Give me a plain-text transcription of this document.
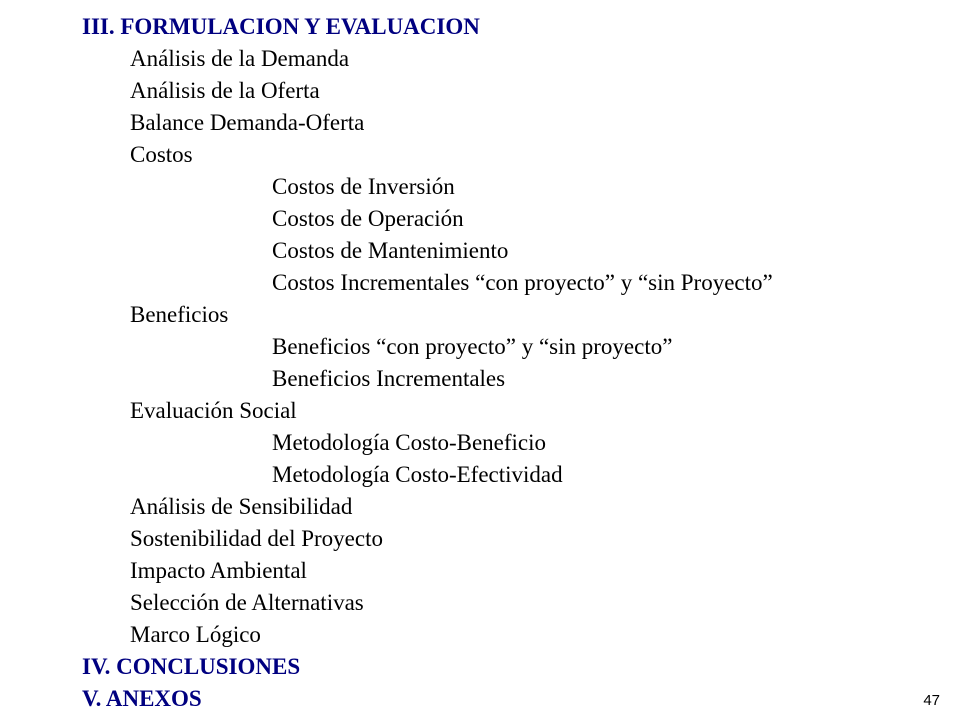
III. FORMULACION Y EVALUACION
Análisis de la Demanda
Análisis de la Oferta
Balance Demanda-Oferta
Costos
Costos de Inversión
Costos de Operación
Costos de Mantenimiento
Costos Incrementales “con proyecto” y “sin Proyecto”
Beneficios
Beneficios “con proyecto” y “sin proyecto”
Beneficios Incrementales
Evaluación Social
Metodología Costo-Beneficio
Metodología Costo-Efectividad
Análisis de Sensibilidad
Sostenibilidad del Proyecto
Impacto Ambiental
Selección de Alternativas
Marco Lógico
IV. CONCLUSIONES
V. ANEXOS	47
